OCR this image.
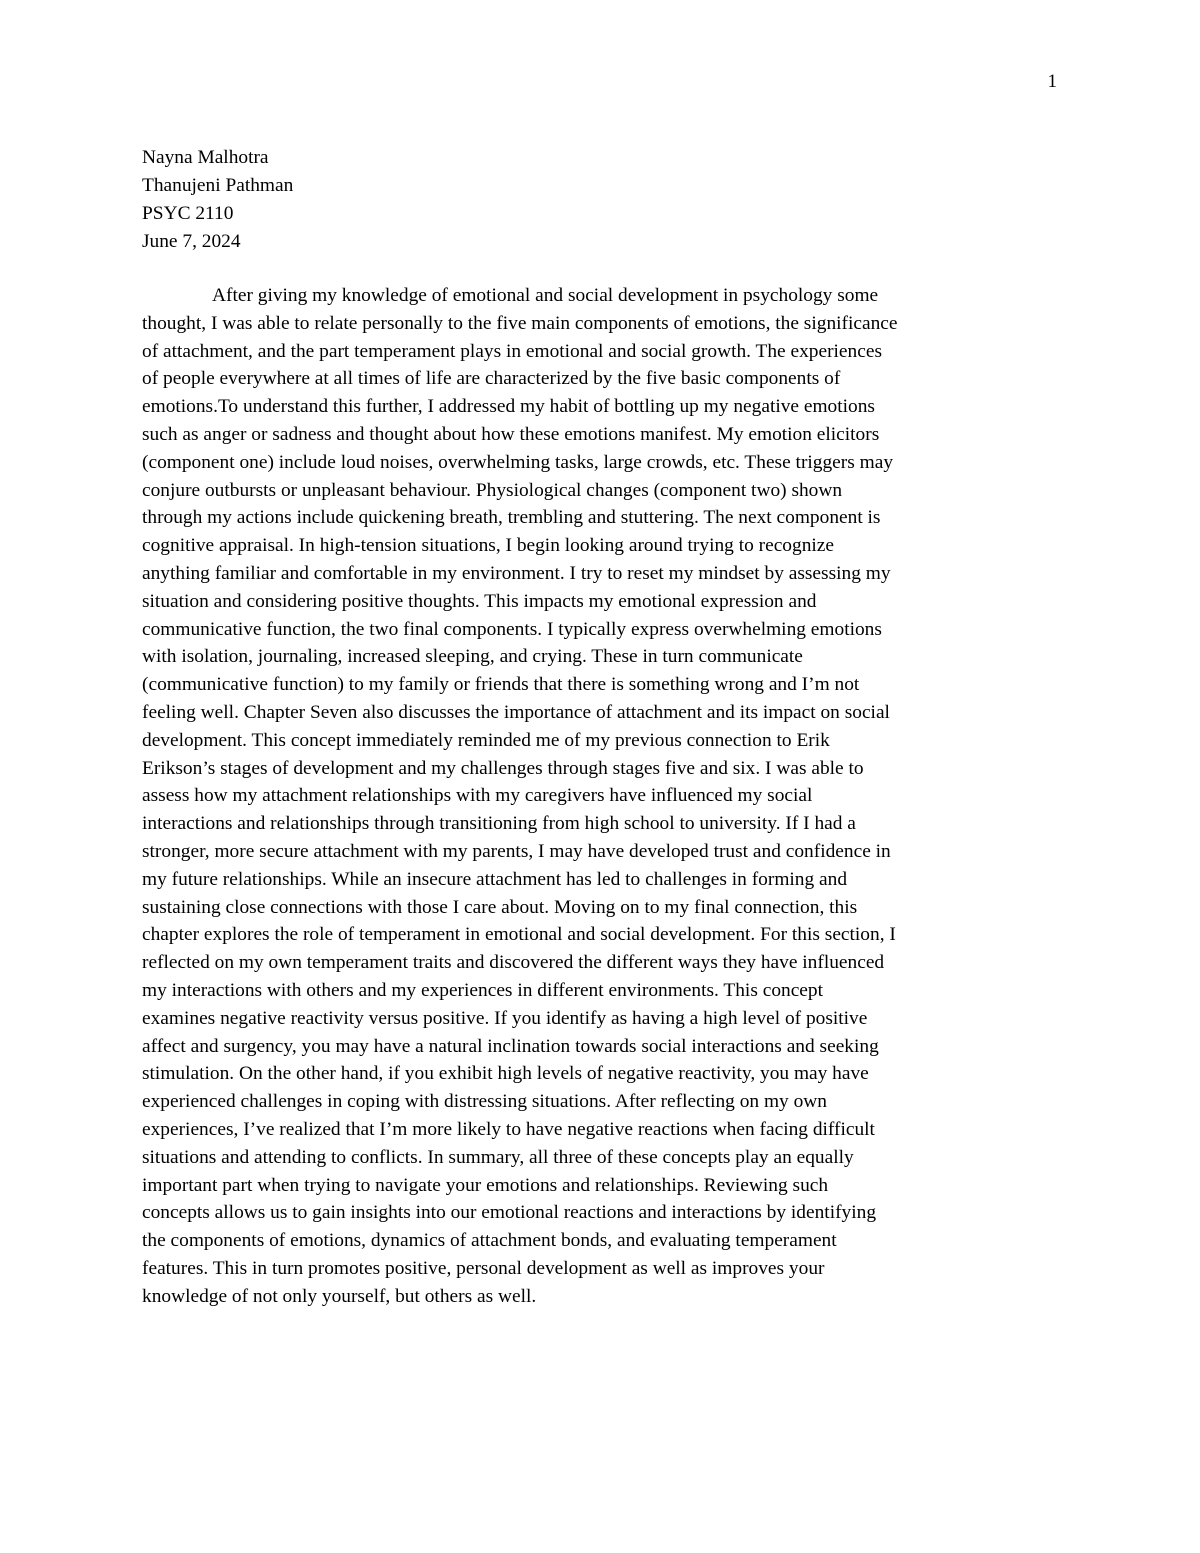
1
Nayna Malhotra
Thanujeni Pathman
PSYC 2110
June 7, 2024
After giving my knowledge of emotional and social development in psychology some
thought, I was able to relate personally to the five main components of emotions, the significance
of attachment, and the part temperament plays in emotional and social growth. The experiences
of people everywhere at all times of life are characterized by the five basic components of
emotions.To understand this further, I addressed my habit of bottling up my negative emotions
such as anger or sadness and thought about how these emotions manifest. My emotion elicitors
(component one) include loud noises, overwhelming tasks, large crowds, etc. These triggers may
conjure outbursts or unpleasant behaviour. Physiological changes (component two) shown
through my actions include quickening breath, trembling and stuttering. The next component is
cognitive appraisal. In high-tension situations, I begin looking around trying to recognize
anything familiar and comfortable in my environment. I try to reset my mindset by assessing my
situation and considering positive thoughts. This impacts my emotional expression and
communicative function, the two final components. I typically express overwhelming emotions
with isolation, journaling, increased sleeping, and crying. These in turn communicate
(communicative function) to my family or friends that there is something wrong and I’m not
feeling well. Chapter Seven also discusses the importance of attachment and its impact on social
development. This concept immediately reminded me of my previous connection to Erik
Erikson’s stages of development and my challenges through stages five and six. I was able to
assess how my attachment relationships with my caregivers have influenced my social
interactions and relationships through transitioning from high school to university. If I had a
stronger, more secure attachment with my parents, I may have developed trust and confidence in
my future relationships. While an insecure attachment has led to challenges in forming and
sustaining close connections with those I care about. Moving on to my final connection, this
chapter explores the role of temperament in emotional and social development. For this section, I
reflected on my own temperament traits and discovered the different ways they have influenced
my interactions with others and my experiences in different environments. This concept
examines negative reactivity versus positive. If you identify as having a high level of positive
affect and surgency, you may have a natural inclination towards social interactions and seeking
stimulation. On the other hand, if you exhibit high levels of negative reactivity, you may have
experienced challenges in coping with distressing situations. After reflecting on my own
experiences, I’ve realized that I’m more likely to have negative reactions when facing difficult
situations and attending to conflicts. In summary, all three of these concepts play an equally
important part when trying to navigate your emotions and relationships. Reviewing such
concepts allows us to gain insights into our emotional reactions and interactions by identifying
the components of emotions, dynamics of attachment bonds, and evaluating temperament
features. This in turn promotes positive, personal development as well as improves your
knowledge of not only yourself, but others as well.
